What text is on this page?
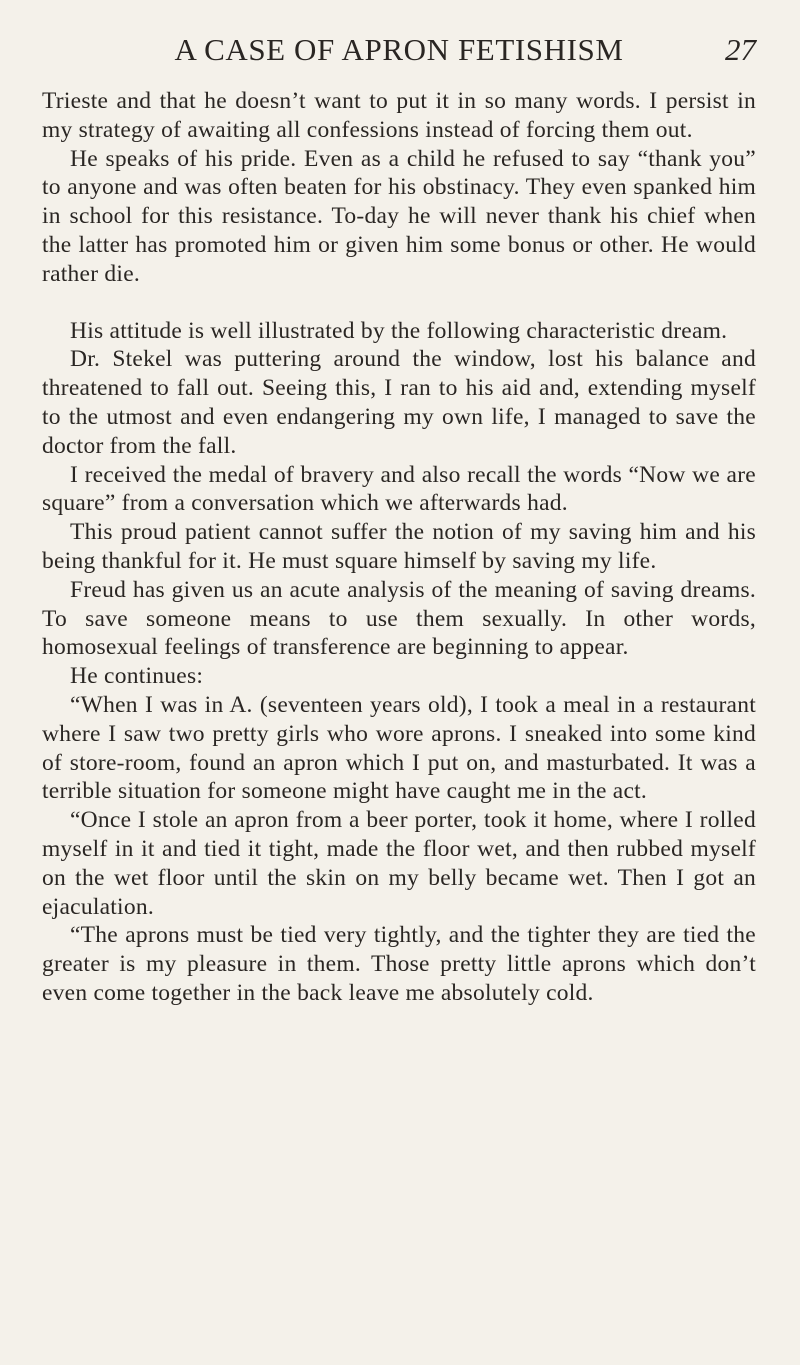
A CASE OF APRON FETISHISM	27

Trieste and that he doesn’t want to put it in so many words. I persist in my strategy of awaiting all confessions instead of forcing them out.

He speaks of his pride. Even as a child he refused to say “thank you” to anyone and was often beaten for his obstinacy. They even spanked him in school for this resistance. To-day he will never thank his chief when the latter has promoted him or given him some bonus or other. He would rather die.

His attitude is well illustrated by the following characteristic dream.

Dr. Stekel was puttering around the window, lost his balance and threatened to fall out. Seeing this, I ran to his aid and, extending myself to the utmost and even endangering my own life, I managed to save the doctor from the fall.

I received the medal of bravery and also recall the words “Now we are square” from a conversation which we afterwards had.

This proud patient cannot suffer the notion of my saving him and his being thankful for it. He must square himself by saving my life.

Freud has given us an acute analysis of the meaning of saving dreams. To save someone means to use them sexually. In other words, homosexual feelings of transference are beginning to appear.

He continues:

“When I was in A. (seventeen years old), I took a meal in a restaurant where I saw two pretty girls who wore aprons. I sneaked into some kind of store-room, found an apron which I put on, and masturbated. It was a terrible situation for someone might have caught me in the act.

“Once I stole an apron from a beer porter, took it home, where I rolled myself in it and tied it tight, made the floor wet, and then rubbed myself on the wet floor until the skin on my belly became wet. Then I got an ejaculation.

“The aprons must be tied very tightly, and the tighter they are tied the greater is my pleasure in them. Those pretty little aprons which don’t even come together in the back leave me absolutely cold.
